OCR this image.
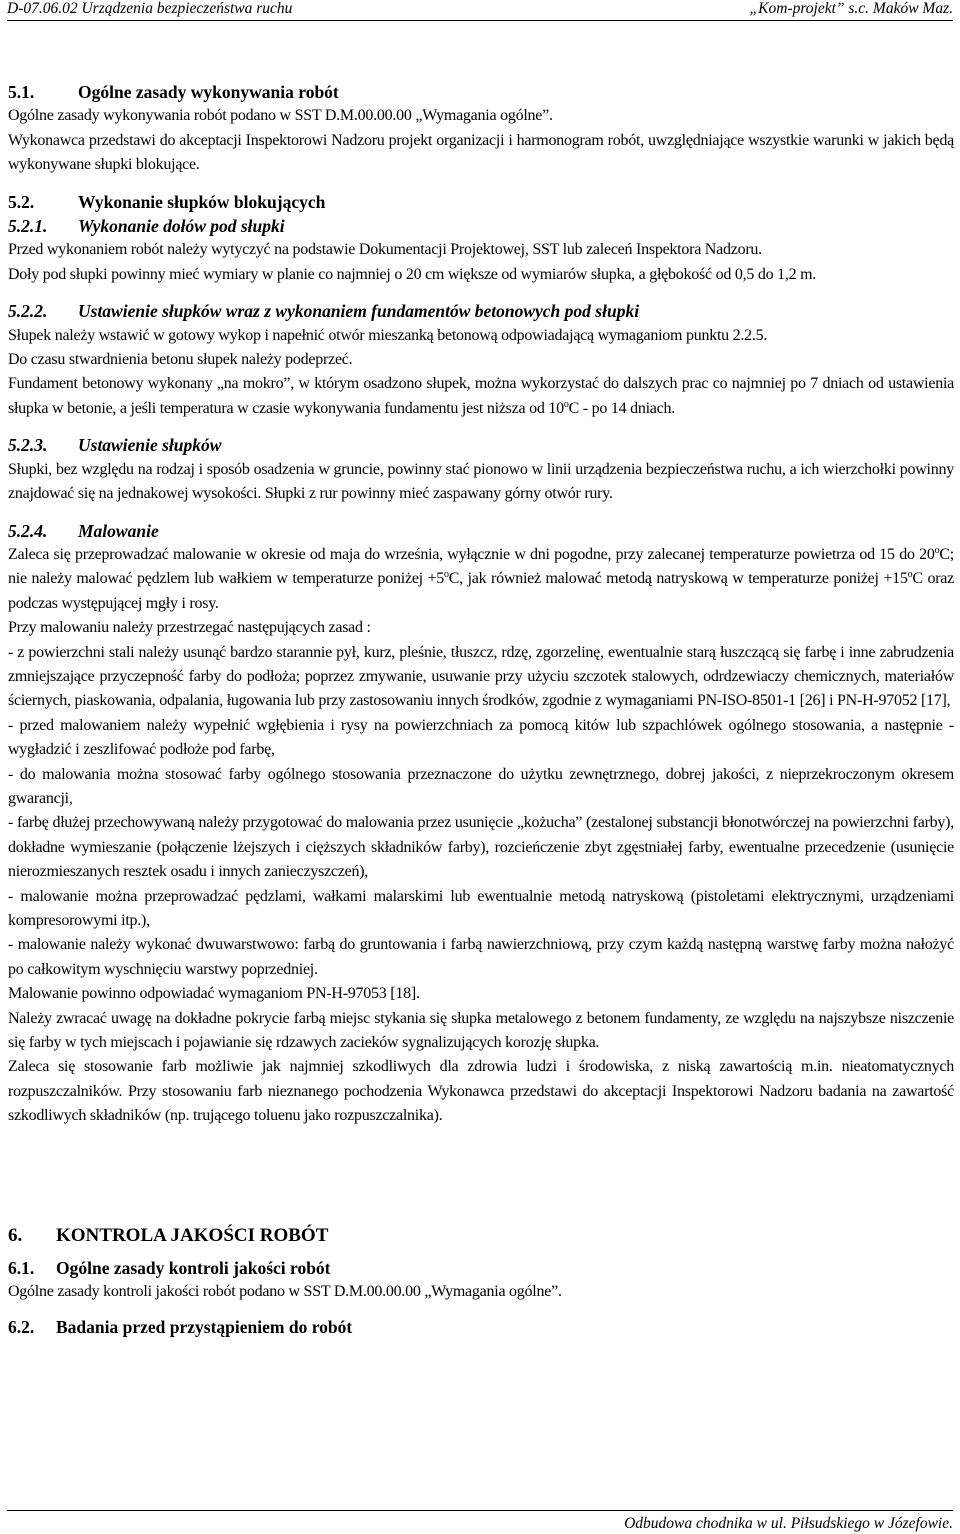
D-07.06.02 Urządzenia bezpieczeństwa ruchu	„Kom-projekt” s.c. Maków Maz.

5.1.	Ogólne zasady wykonywania robót

Ogólne zasady wykonywania robót podano w SST D.M.00.00.00 „Wymagania ogólne”.

Wykonawca przedstawi do akceptacji Inspektorowi Nadzoru projekt organizacji i harmonogram robót, uwzględniające wszystkie warunki w jakich będą wykonywane słupki blokujące.

5.2.	Wykonanie słupków blokujących

5.2.1. Wykonanie dołów pod słupki

Przed wykonaniem robót należy wytyczyć na podstawie Dokumentacji Projektowej, SST lub zaleceń Inspektora Nadzoru.

Doły pod słupki powinny mieć wymiary w planie co najmniej o 20 cm większe od wymiarów słupka, a głębokość od 0,5 do 1,2 m.

5.2.2. Ustawienie słupków wraz z wykonaniem fundamentów betonowych pod słupki

Słupek należy wstawić w gotowy wykop i napełnić otwór mieszanką betonową odpowiadającą wymaganiom punktu 2.2.5.

Do czasu stwardnienia betonu słupek należy podeprzeć.

Fundament betonowy wykonany „na mokro”, w którym osadzono słupek, można wykorzystać do dalszych prac co najmniej po 7 dniach od ustawienia słupka w betonie, a jeśli temperatura w czasie wykonywania fundamentu jest niższa od 10$^o$C - po 14 dniach.

5.2.3. Ustawienie słupków

Słupki, bez względu na rodzaj i sposób osadzenia w gruncie, powinny stać pionowo w linii urządzenia bezpieczeństwa ruchu, a ich wierzchołki powinny znajdować się na jednakowej wysokości. Słupki z rur powinny mieć zaspawany górny otwór rury.

5.2.4. Malowanie

Zaleca się przeprowadzać malowanie w okresie od maja do września, wyłącznie w dni pogodne, przy zalecanej temperaturze powietrza od 15 do 20$^o$C; nie należy malować pędzlem lub wałkiem w temperaturze poniżej $+5^oC$, jak również malować metodą natryskową w temperaturze poniżej $+15^oC$ oraz podczas występującej mgły i rosy.

Przy malowaniu należy przestrzegać następujących zasad :

- z powierzchni stali należy usunąć bardzo starannie pył, kurz, pleśnie, tłuszcz, rdzę, zgorzelinę, ewentualnie starą łuszczącą się farbę i inne zabrudzenia zmniejszające przyczepność farby do podłoża; poprzez zmywanie, usuwanie przy użyciu szczotek stalowych, odrdzewiaczy chemicznych, materiałów ściernych, piaskowania, odpalania, ługowania lub przy zastosowaniu innych środków, zgodnie z wymaganiami PN-ISO-8501-1 [26] i PN-H-97052 [17],

- przed malowaniem należy wypełnić wgłębienia i rysy na powierzchniach za pomocą kitów lub szpachlówek ogólnego stosowania, a następnie - wygładzić i zeszlifować podłoże pod farbę,

- do malowania można stosować farby ogólnego stosowania przeznaczone do użytku zewnętrznego, dobrej jakości, z nieprzekroczonym okresem gwarancji,

- farbę dłużej przechowywaną należy przygotować do malowania przez usunięcie „kożucha” (zestalonej substancji błonotwórczej na powierzchni farby), dokładne wymieszanie (połączenie lżejszych i cięższych składników farby), rozcieńczenie zbyt zgęstniałej farby, ewentualne przecedzenie (usunięcie nierozmieszanych resztek osadu i innych zanieczyszczeń),

- malowanie można przeprowadzać pędzlami, wałkami malarskimi lub ewentualnie metodą natryskową (pistoletami elektrycznymi, urządzeniami kompresorowymi itp.),

- malowanie należy wykonać dwuwarstwowo: farbą do gruntowania i farbą nawierzchniową, przy czym każdą następną warstwę farby można nałożyć po całkowitym wyschnięciu warstwy poprzedniej.

Malowanie powinno odpowiadać wymaganiom PN-H-97053 [18].

Należy zwracać uwagę na dokładne pokrycie farbą miejsc stykania się słupka metalowego z betonem fundamenty, ze względu na najszybsze niszczenie się farby w tych miejscach i pojawianie się rdzawych zacieków sygnalizujących korozję słupka.

Zaleca się stosowanie farb możliwie jak najmniej szkodliwych dla zdrowia ludzi i środowiska, z niską zawartością m.in. nieatomatycznych rozpuszczalników. Przy stosowaniu farb nieznanego pochodzenia Wykonawca przedstawi do akceptacji Inspektorowi Nadzoru badania na zawartość szkodliwych składników (np. trującego toluenu jako rozpuszczalnika).

6. KONTROLA JAKOŚCI ROBÓT

6.1. Ogólne zasady kontroli jakości robót

Ogólne zasady kontroli jakości robót podano w SST D.M.00.00.00 „Wymagania ogólne”.

6.2. Badania przed przystąpieniem do robót

Odbudowa chodnika w ul. Piłsudskiego w Józefowie.
